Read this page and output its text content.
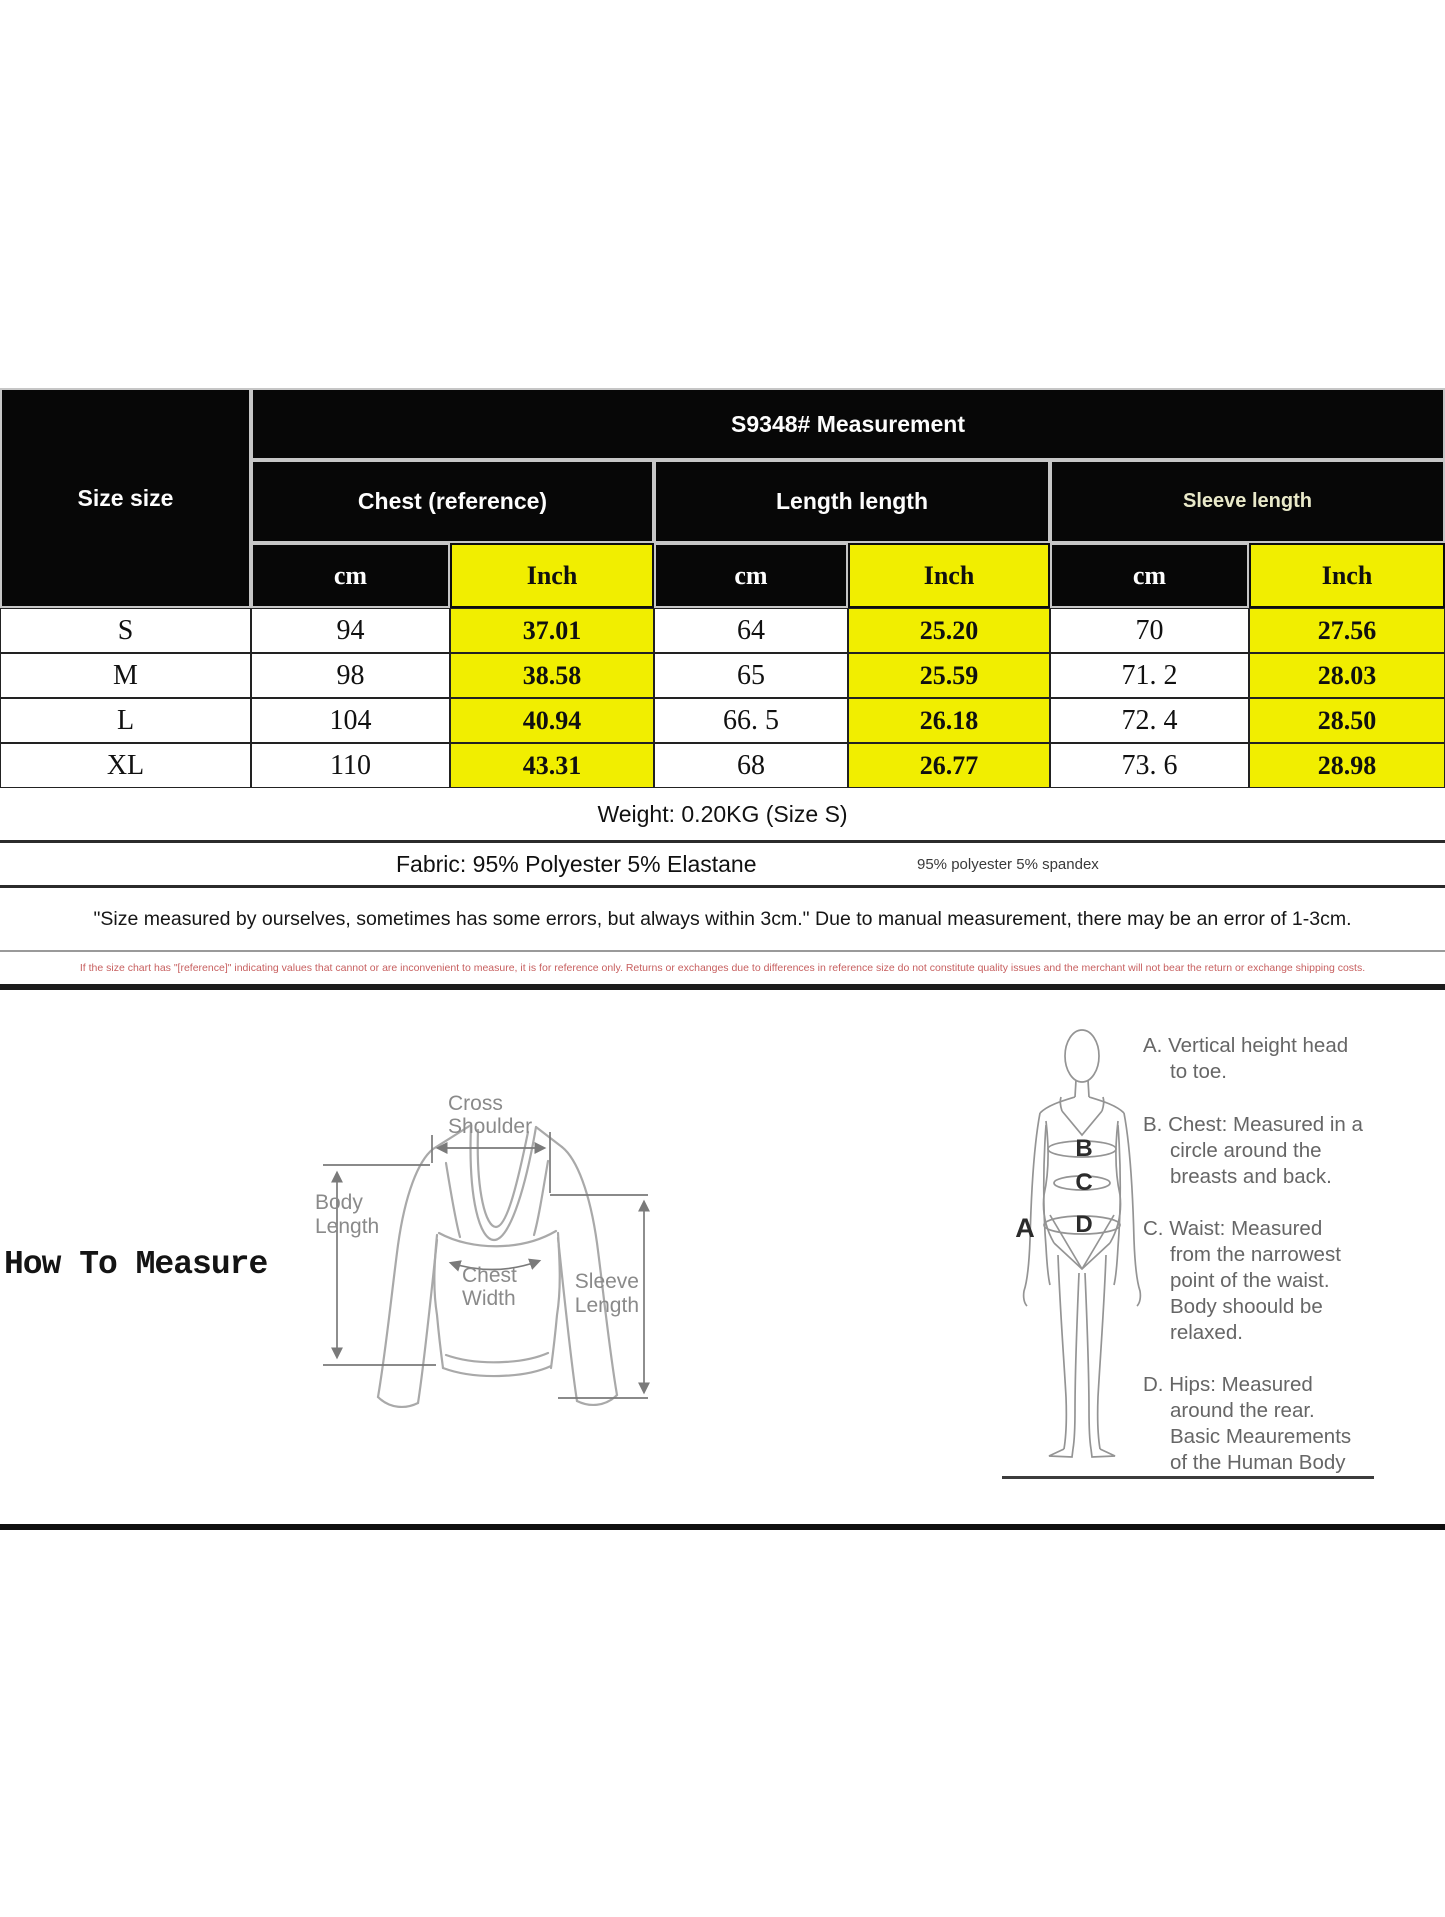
Size size
S9348# Measurement
Chest (reference)	Length length	Sleeve length
cm	Inch	cm	Inch	cm	Inch
S	94	37.01	64	25.20	70	27.56
M	98	38.58	65	25.59	71. 2	28.03
L	104	40.94	66. 5	26.18	72. 4	28.50
XL	110	43.31	68	26.77	73. 6	28.98
Weight: 0.20KG (Size S)
Fabric: 95% Polyester 5% Elastane	95% polyester 5% spandex
"Size measured by ourselves, sometimes has some errors, but always within 3cm." Due to manual measurement, there may be an error of 1-3cm.
If the size chart has "[reference]" indicating values that cannot or are inconvenient to measure, it is for reference only. Returns or exchanges due to differences in reference size do not constitute quality issues and the merchant will not bear the return or exchange shipping costs.
How To Measure
Cross
Shoulder
Body
Length
Chest
Width
Sleeve
Length
A
B
C
D
A. Vertical height head
to toe.
B. Chest: Measured in a
circle around the
breasts and back.
C. Waist: Measured
from the narrowest
point of the waist.
Body shoould be
relaxed.
D. Hips: Measured
around the rear.
Basic Meaurements
of the Human Body
